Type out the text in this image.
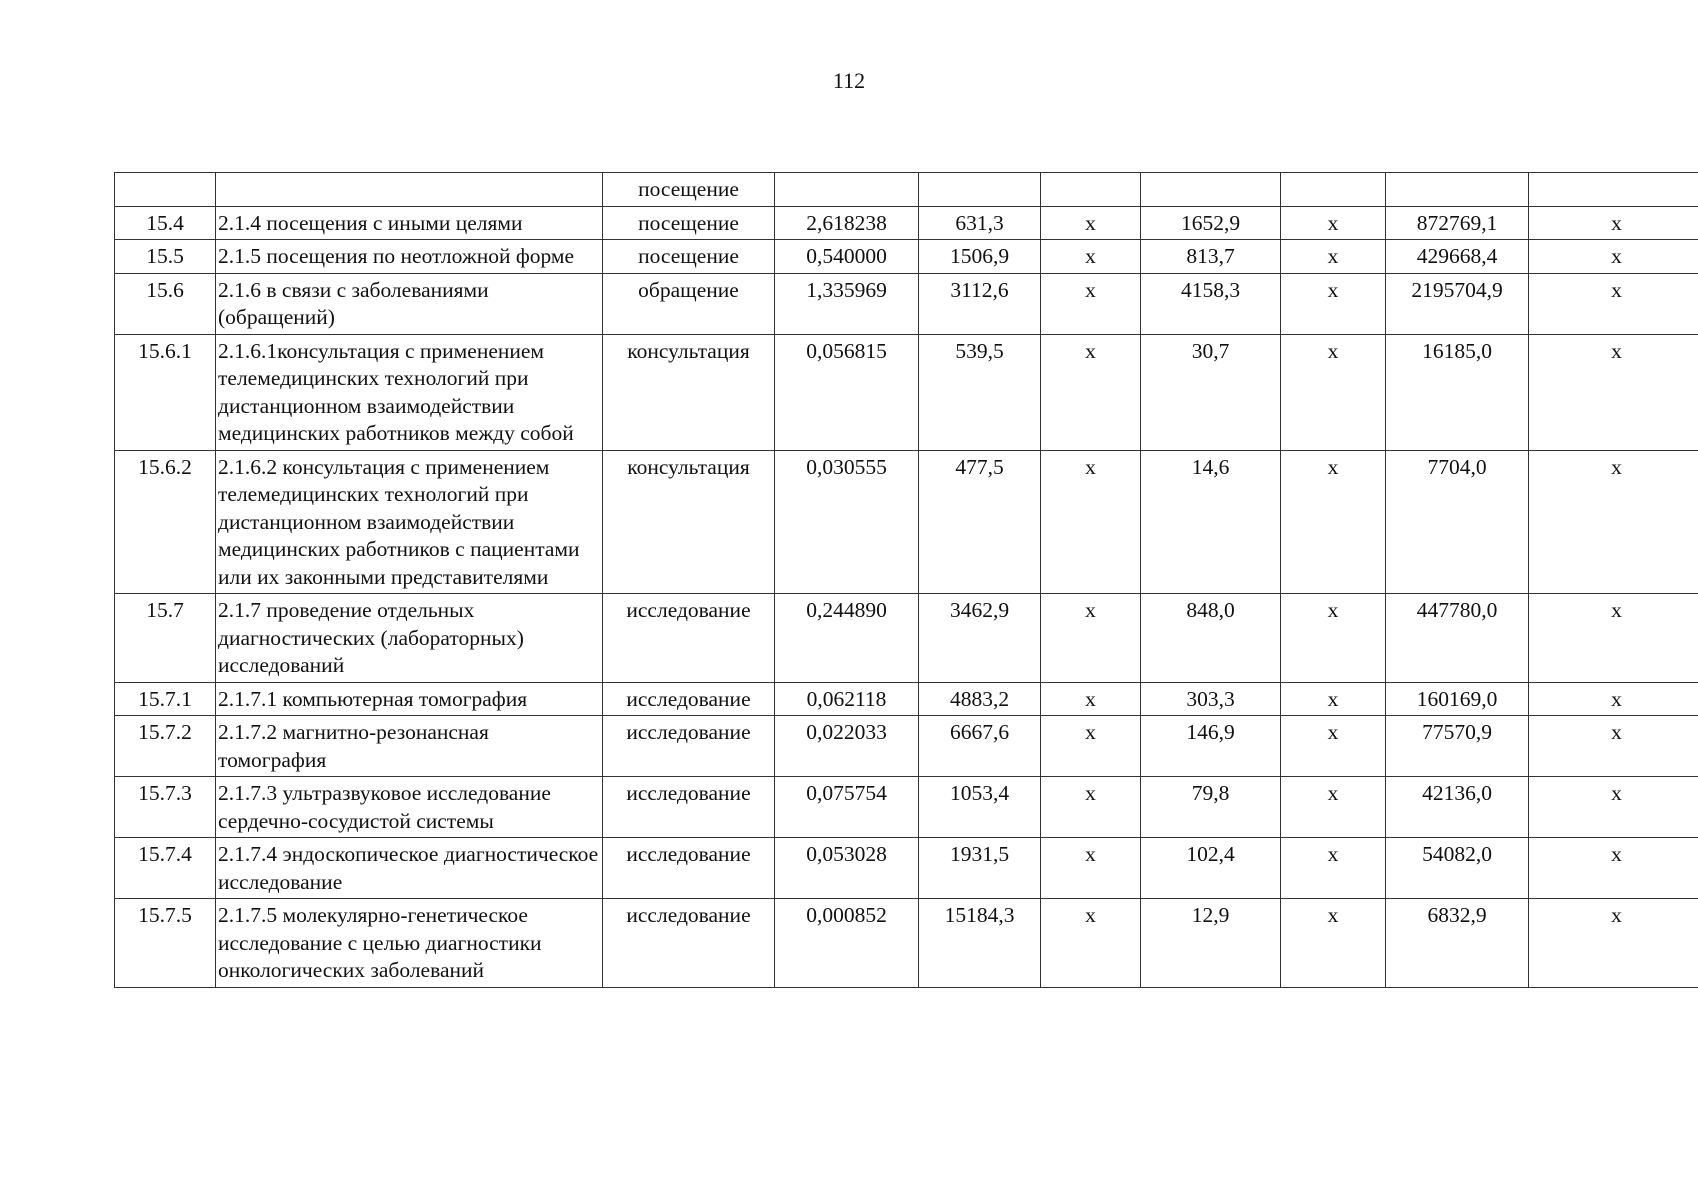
112
		посещение							
15.4	2.1.4 посещения с иными целями	посещение	2,618238	631,3	х	1652,9	х	872769,1	х
15.5	2.1.5 посещения по неотложной форме	посещение	0,540000	1506,9	х	813,7	х	429668,4	х
15.6	2.1.6 в связи с заболеваниями (обращений)	обращение	1,335969	3112,6	х	4158,3	х	2195704,9	х
15.6.1	2.1.6.1консультация с применением телемедицинских технологий при дистанционном взаимодействии медицинских работников между собой	консультация	0,056815	539,5	х	30,7	х	16185,0	х
15.6.2	2.1.6.2 консультация с применением телемедицинских технологий при дистанционном взаимодействии медицинских работников с пациентами или их законными представителями	консультация	0,030555	477,5	х	14,6	х	7704,0	х
15.7	2.1.7 проведение отдельных диагностических (лабораторных) исследований	исследование	0,244890	3462,9	х	848,0	х	447780,0	х
15.7.1	2.1.7.1 компьютерная томография	исследование	0,062118	4883,2	х	303,3	х	160169,0	х
15.7.2	2.1.7.2 магнитно-резонансная томография	исследование	0,022033	6667,6	х	146,9	х	77570,9	х
15.7.3	2.1.7.3 ультразвуковое исследование сердечно-сосудистой системы	исследование	0,075754	1053,4	х	79,8	х	42136,0	х
15.7.4	2.1.7.4 эндоскопическое диагностическое исследование	исследование	0,053028	1931,5	х	102,4	х	54082,0	х
15.7.5	2.1.7.5 молекулярно-генетическое исследование с целью диагностики онкологических заболеваний	исследование	0,000852	15184,3	х	12,9	х	6832,9	х
